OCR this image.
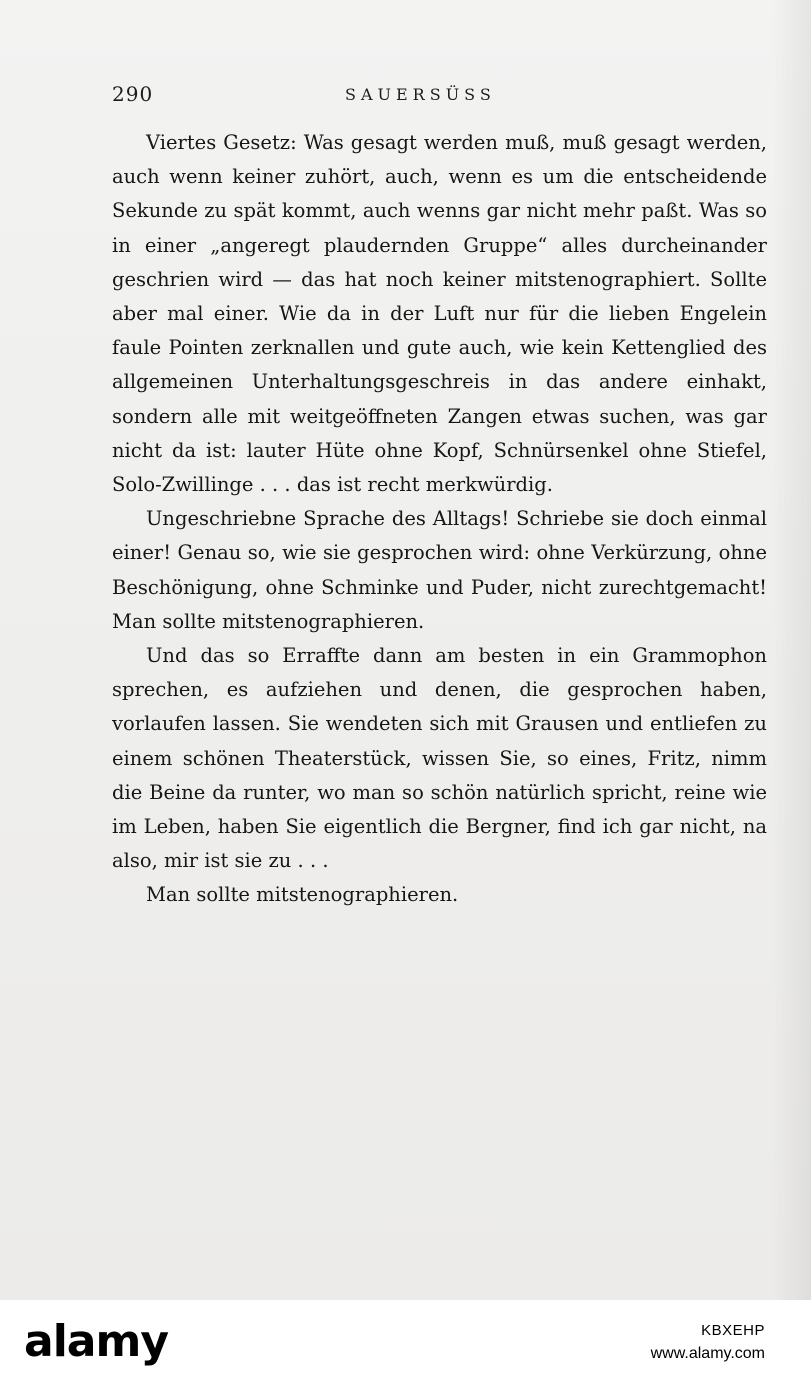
290	SAUERSÜSS

Viertes Gesetz: Was gesagt werden muß, muß gesagt werden, auch wenn keiner zuhört, auch, wenn es um die entscheidende Sekunde zu spät kommt, auch wenns gar nicht mehr paßt. Was so in einer „angeregt plaudernden Gruppe“ alles durcheinander geschrien wird — das hat noch keiner mitstenographiert. Sollte aber mal einer. Wie da in der Luft nur für die lieben Engelein faule Pointen zerknallen und gute auch, wie kein Kettenglied des allgemeinen Unterhaltungsgeschreis in das andere einhakt, sondern alle mit weitgeöffneten Zangen etwas suchen, was gar nicht da ist: lauter Hüte ohne Kopf, Schnürsenkel ohne Stiefel, Solo-Zwillinge . . . das ist recht merkwürdig.

Ungeschriebne Sprache des Alltags! Schriebe sie doch einmal einer! Genau so, wie sie gesprochen wird: ohne Verkürzung, ohne Beschönigung, ohne Schminke und Puder, nicht zurechtgemacht! Man sollte mitstenographieren.

Und das so Erraffte dann am besten in ein Grammophon sprechen, es aufziehen und denen, die gesprochen haben, vorlaufen lassen. Sie wendeten sich mit Grausen und entliefen zu einem schönen Theaterstück, wissen Sie, so eines, Fritz, nimm die Beine da runter, wo man so schön natürlich spricht, reine wie im Leben, haben Sie eigentlich die Bergner, find ich gar nicht, na also, mir ist sie zu . . .

Man sollte mitstenographieren.

alamy	KBXEHP
www.alamy.com
